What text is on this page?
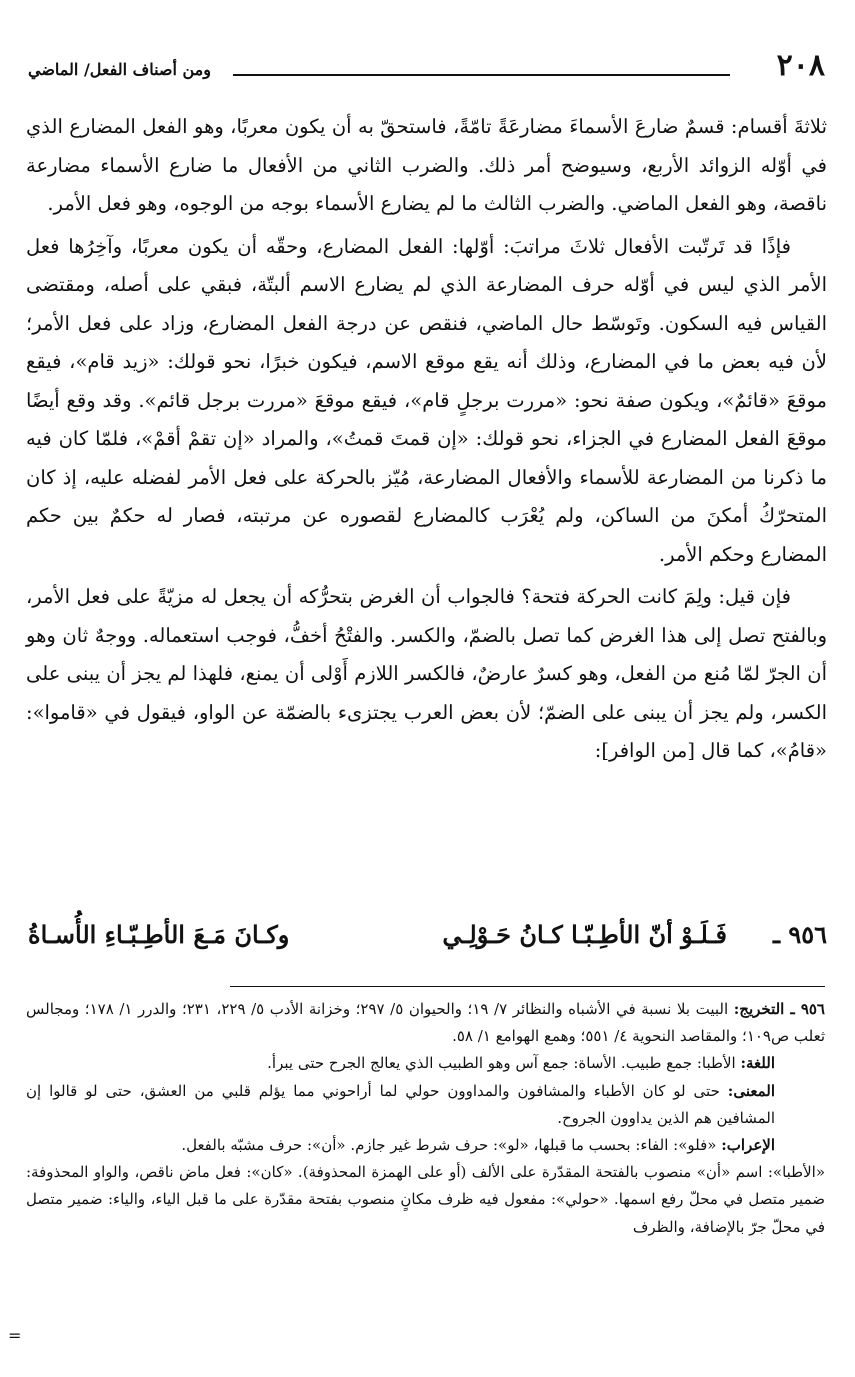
٢٠٨
ومن أصناف الفعل/ الماضي

ثلاثةَ أقسام: قسمٌ ضارعَ الأسماءَ مضارعَةً تامّةً، فاستحقّ به أن يكون معربًا، وهو الفعل المضارع الذي في أوّله الزوائد الأربع، وسيوضح أمر ذلك. والضرب الثاني من الأفعال ما ضارع الأسماء مضارعة ناقصة، وهو الفعل الماضي. والضرب الثالث ما لم يضارع الأسماء بوجه من الوجوه، وهو فعل الأمر.

فإذًا قد تَرتّبت الأفعال ثلاثَ مراتبَ: أوّلها: الفعل المضارع، وحقّه أن يكون معربًا، وآخِرُها فعل الأمر الذي ليس في أوّله حرف المضارعة الذي لم يضارع الاسم ألبتّة، فبقي على أصله، ومقتضى القياس فيه السكون. وتَوسّط حال الماضي، فنقص عن درجة الفعل المضارع، وزاد على فعل الأمر؛ لأن فيه بعض ما في المضارع، وذلك أنه يقع موقع الاسم، فيكون خبرًا، نحو قولك: «زيد قام»، فيقع موقعَ «قائمٌ»، ويكون صفة نحو: «مررت برجلٍ قام»، فيقع موقعَ «مررت برجل قائم». وقد وقع أيضًا موقعَ الفعل المضارع في الجزاء، نحو قولك: «إن قمتَ قمتُ»، والمراد «إن تقمْ أقمْ»، فلمّا كان فيه ما ذكرنا من المضارعة للأسماء والأفعال المضارعة، مُيّز بالحركة على فعل الأمر لفضله عليه، إذ كان المتحرّكُ أمكنَ من الساكن، ولم يُعْرَب كالمضارع لقصوره عن مرتبته، فصار له حكمٌ بين حكم المضارع وحكم الأمر.

فإن قيل: ولِمَ كانت الحركة فتحة؟ فالجواب أن الغرض بتحرُّكه أن يجعل له مزيّةً على فعل الأمر، وبالفتح تصل إلى هذا الغرض كما تصل بالضمّ، والكسر. والفتْحُ أخفُّ، فوجب استعماله. ووجهٌ ثان وهو أن الجرّ لمّا مُنع من الفعل، وهو كسرٌ عارضٌ، فالكسر اللازم أَوْلى أن يمنع، فلهذا لم يجز أن يبنى على الكسر، ولم يجز أن يبنى على الضمّ؛ لأن بعض العرب يجتزىء بالضمّة عن الواو، فيقول في «قاموا»: «قامُ»، كما قال [من الوافر]:

٩٥٦ ـ
فَـلَـوْ أنّ الأطِـبّـا كـانُ حَـوْلِـي
وكـانَ مَـعَ الأطِـبّـاءِ الأُسـاةُ

٩٥٦ ـ التخريج: البيت بلا نسبة في الأشباه والنظائر ٧/ ١٩؛ والحيوان ٥/ ٢٩٧؛ وخزانة الأدب ٥/ ٢٢٩، ٢٣١؛ والدرر ١/ ١٧٨؛ ومجالس ثعلب ص١٠٩؛ والمقاصد النحوية ٤/ ٥٥١؛ وهمع الهوامع ١/ ٥٨.

اللغة: الأطبا: جمع طبيب. الأساة: جمع آس وهو الطبيب الذي يعالج الجرح حتى يبرأ.

المعنى: حتى لو كان الأطباء والمشافون والمداوون حولي لما أراحوني مما يؤلم قلبي من العشق، حتى لو قالوا إن المشافين هم الذين يداوون الجروح.

الإعراب: «فلو»: الفاء: بحسب ما قبلها، «لو»: حرف شرط غير جازم. «أن»: حرف مشبّه بالفعل.

«الأطبا»: اسم «أن» منصوب بالفتحة المقدّرة على الألف (أو على الهمزة المحذوفة). «كان»: فعل ماض ناقص، والواو المحذوفة: ضمير متصل في محلّ رفع اسمها. «حولي»: مفعول فيه ظرف مكانٍ منصوب بفتحة مقدّرة على ما قبل الياء، والياء: ضمير متصل في محلّ جرّ بالإضافة، والظرف

=
